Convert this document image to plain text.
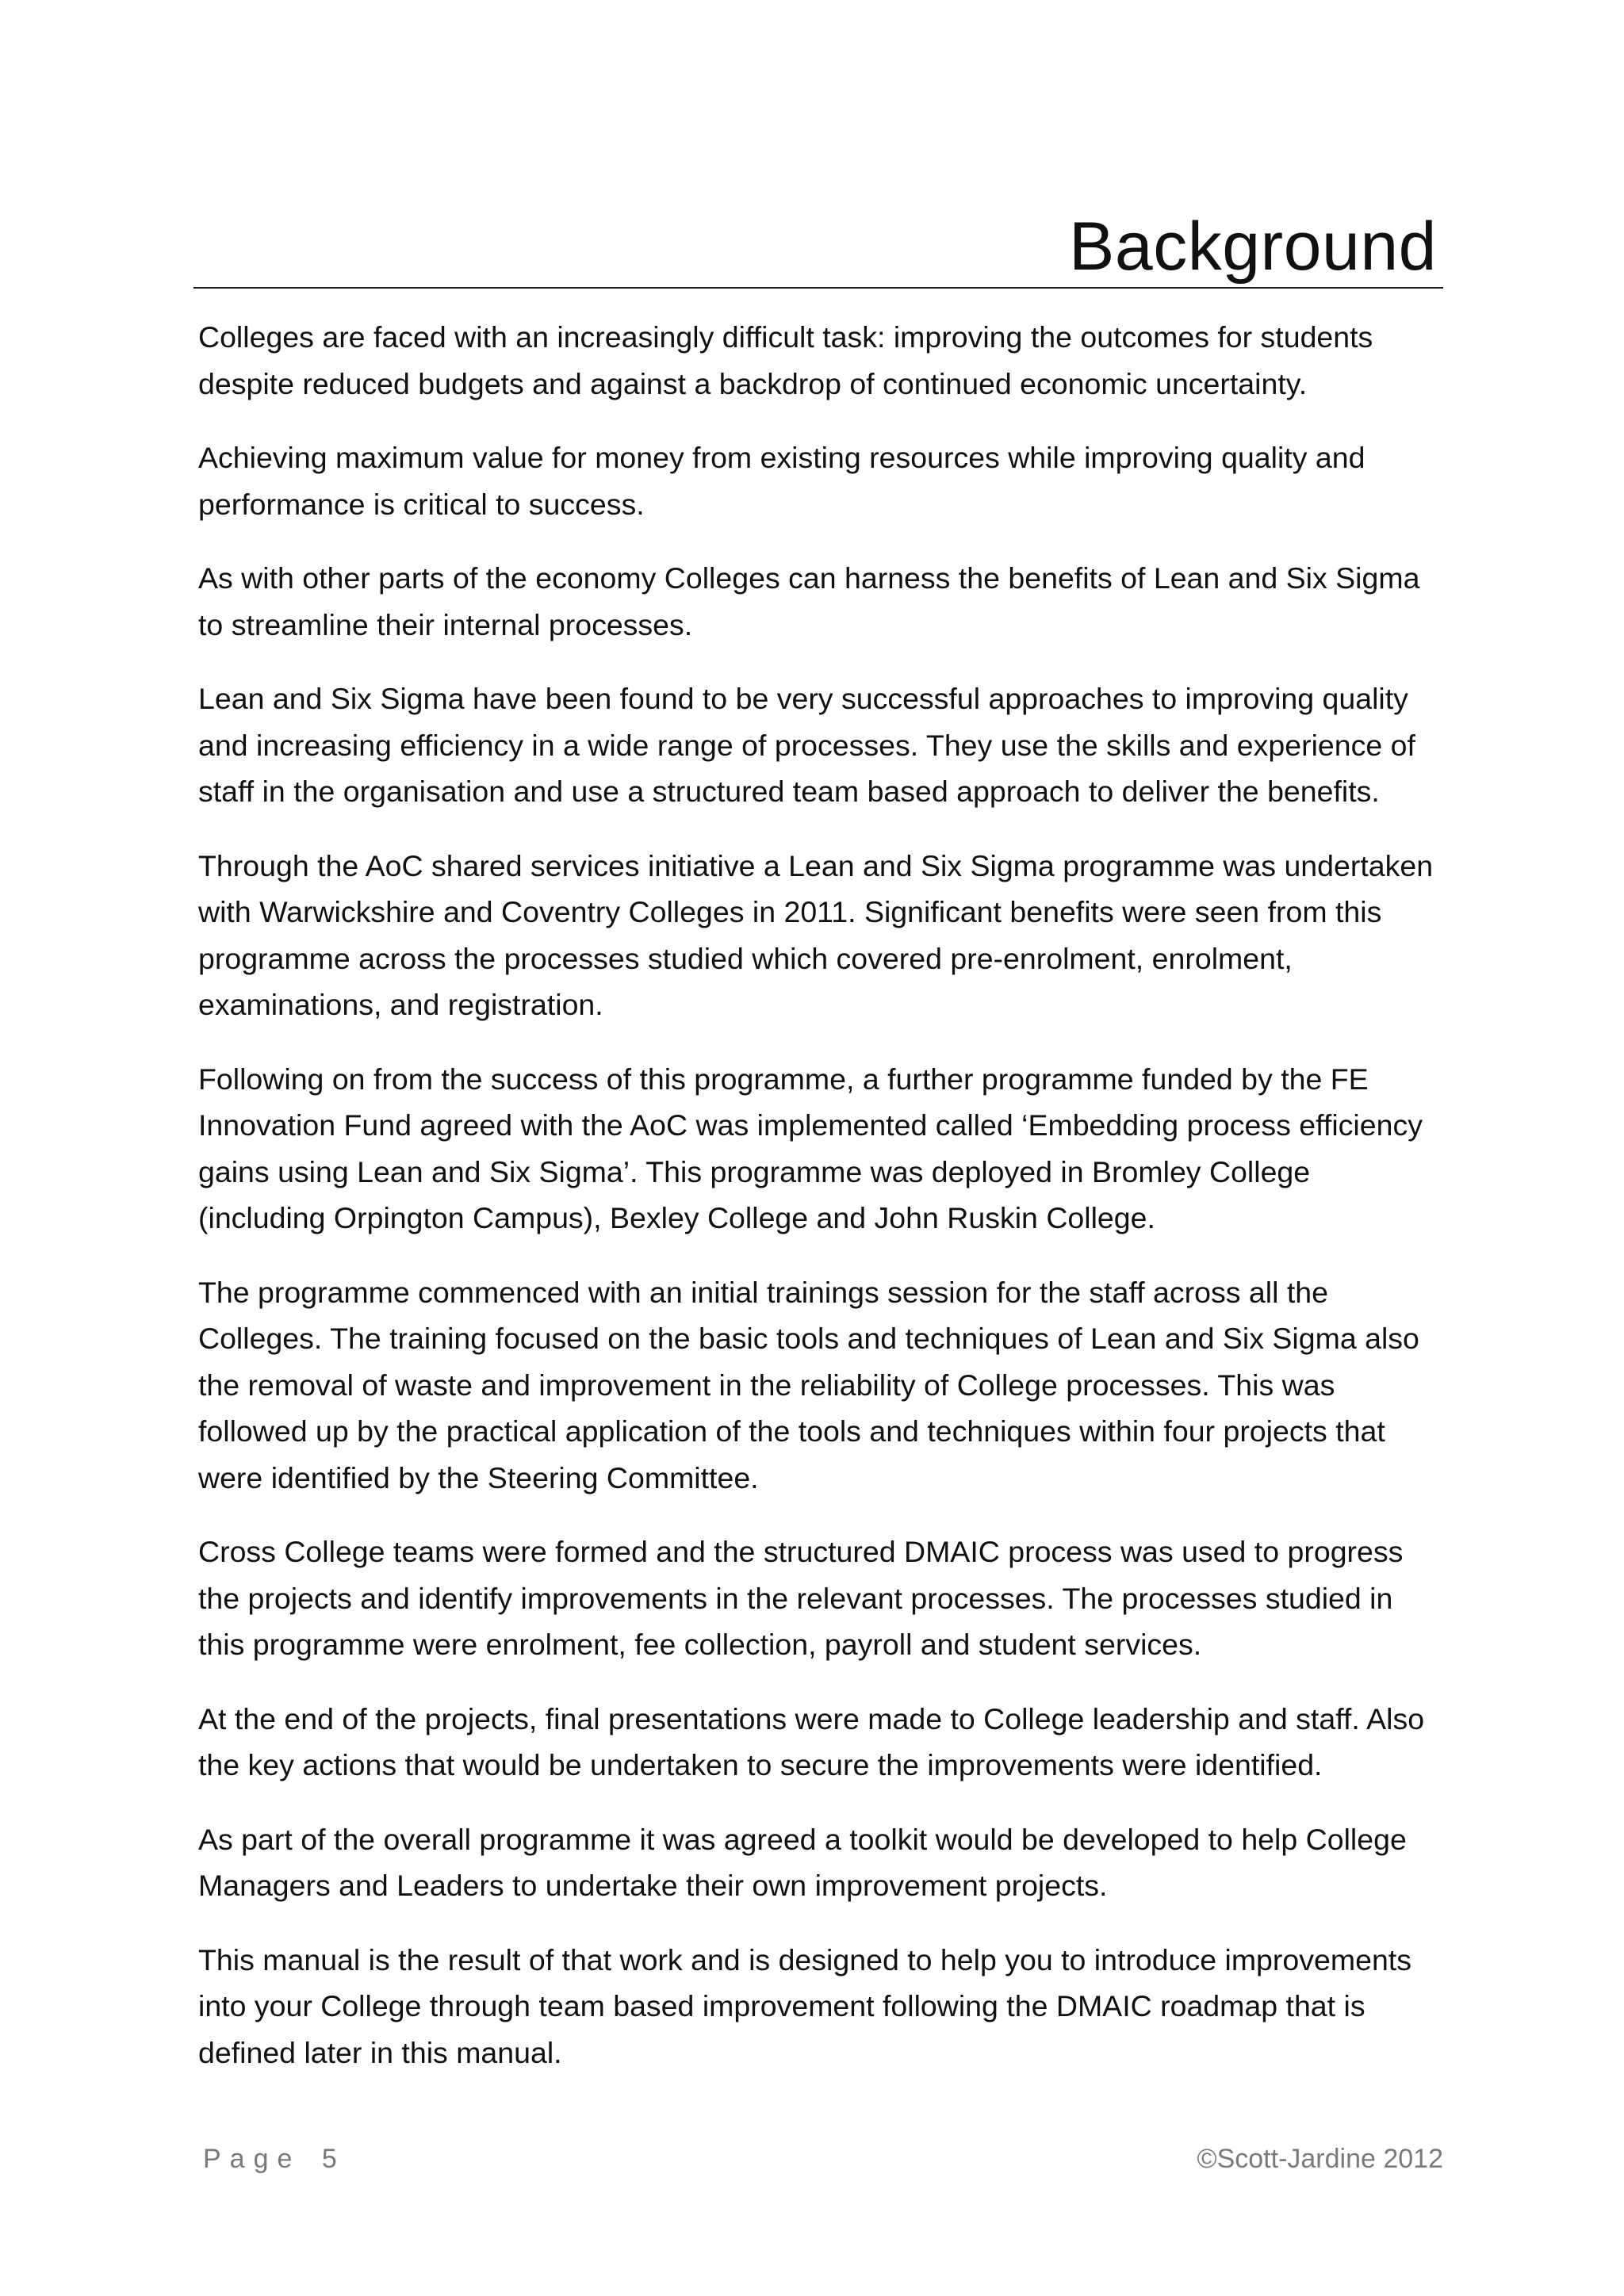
Background

Colleges are faced with an increasingly difficult task: improving the outcomes for students despite reduced budgets and against a backdrop of continued economic uncertainty.

Achieving maximum value for money from existing resources while improving quality and performance is critical to success.

As with other parts of the economy Colleges can harness the benefits of Lean and Six Sigma to streamline their internal processes.

Lean and Six Sigma have been found to be very successful approaches to improving quality and increasing efficiency in a wide range of processes. They use the skills and experience of staff in the organisation and use a structured team based approach to deliver the benefits.

Through the AoC shared services initiative a Lean and Six Sigma programme was undertaken with Warwickshire and Coventry Colleges in 2011. Significant benefits were seen from this programme across the processes studied which covered pre-enrolment, enrolment, examinations, and registration.

Following on from the success of this programme, a further programme funded by the FE Innovation Fund agreed with the AoC was implemented called ‘Embedding process efficiency gains using Lean and Six Sigma’. This programme was deployed in Bromley College (including Orpington Campus), Bexley College and John Ruskin College.

The programme commenced with an initial trainings session for the staff across all the Colleges. The training focused on the basic tools and techniques of Lean and Six Sigma also the removal of waste and improvement in the reliability of College processes. This was followed up by the practical application of the tools and techniques within four projects that were identified by the Steering Committee.

Cross College teams were formed and the structured DMAIC process was used to progress the projects and identify improvements in the relevant processes. The processes studied in this programme were enrolment, fee collection, payroll and student services.

At the end of the projects, final presentations were made to College leadership and staff. Also the key actions that would be undertaken to secure the improvements were identified.

As part of the overall programme it was agreed a toolkit would be developed to help College Managers and Leaders to undertake their own improvement projects.

This manual is the result of that work and is designed to help you to introduce improvements into your College through team based improvement following the DMAIC roadmap that is defined later in this manual.

Page 5	©Scott-Jardine 2012
